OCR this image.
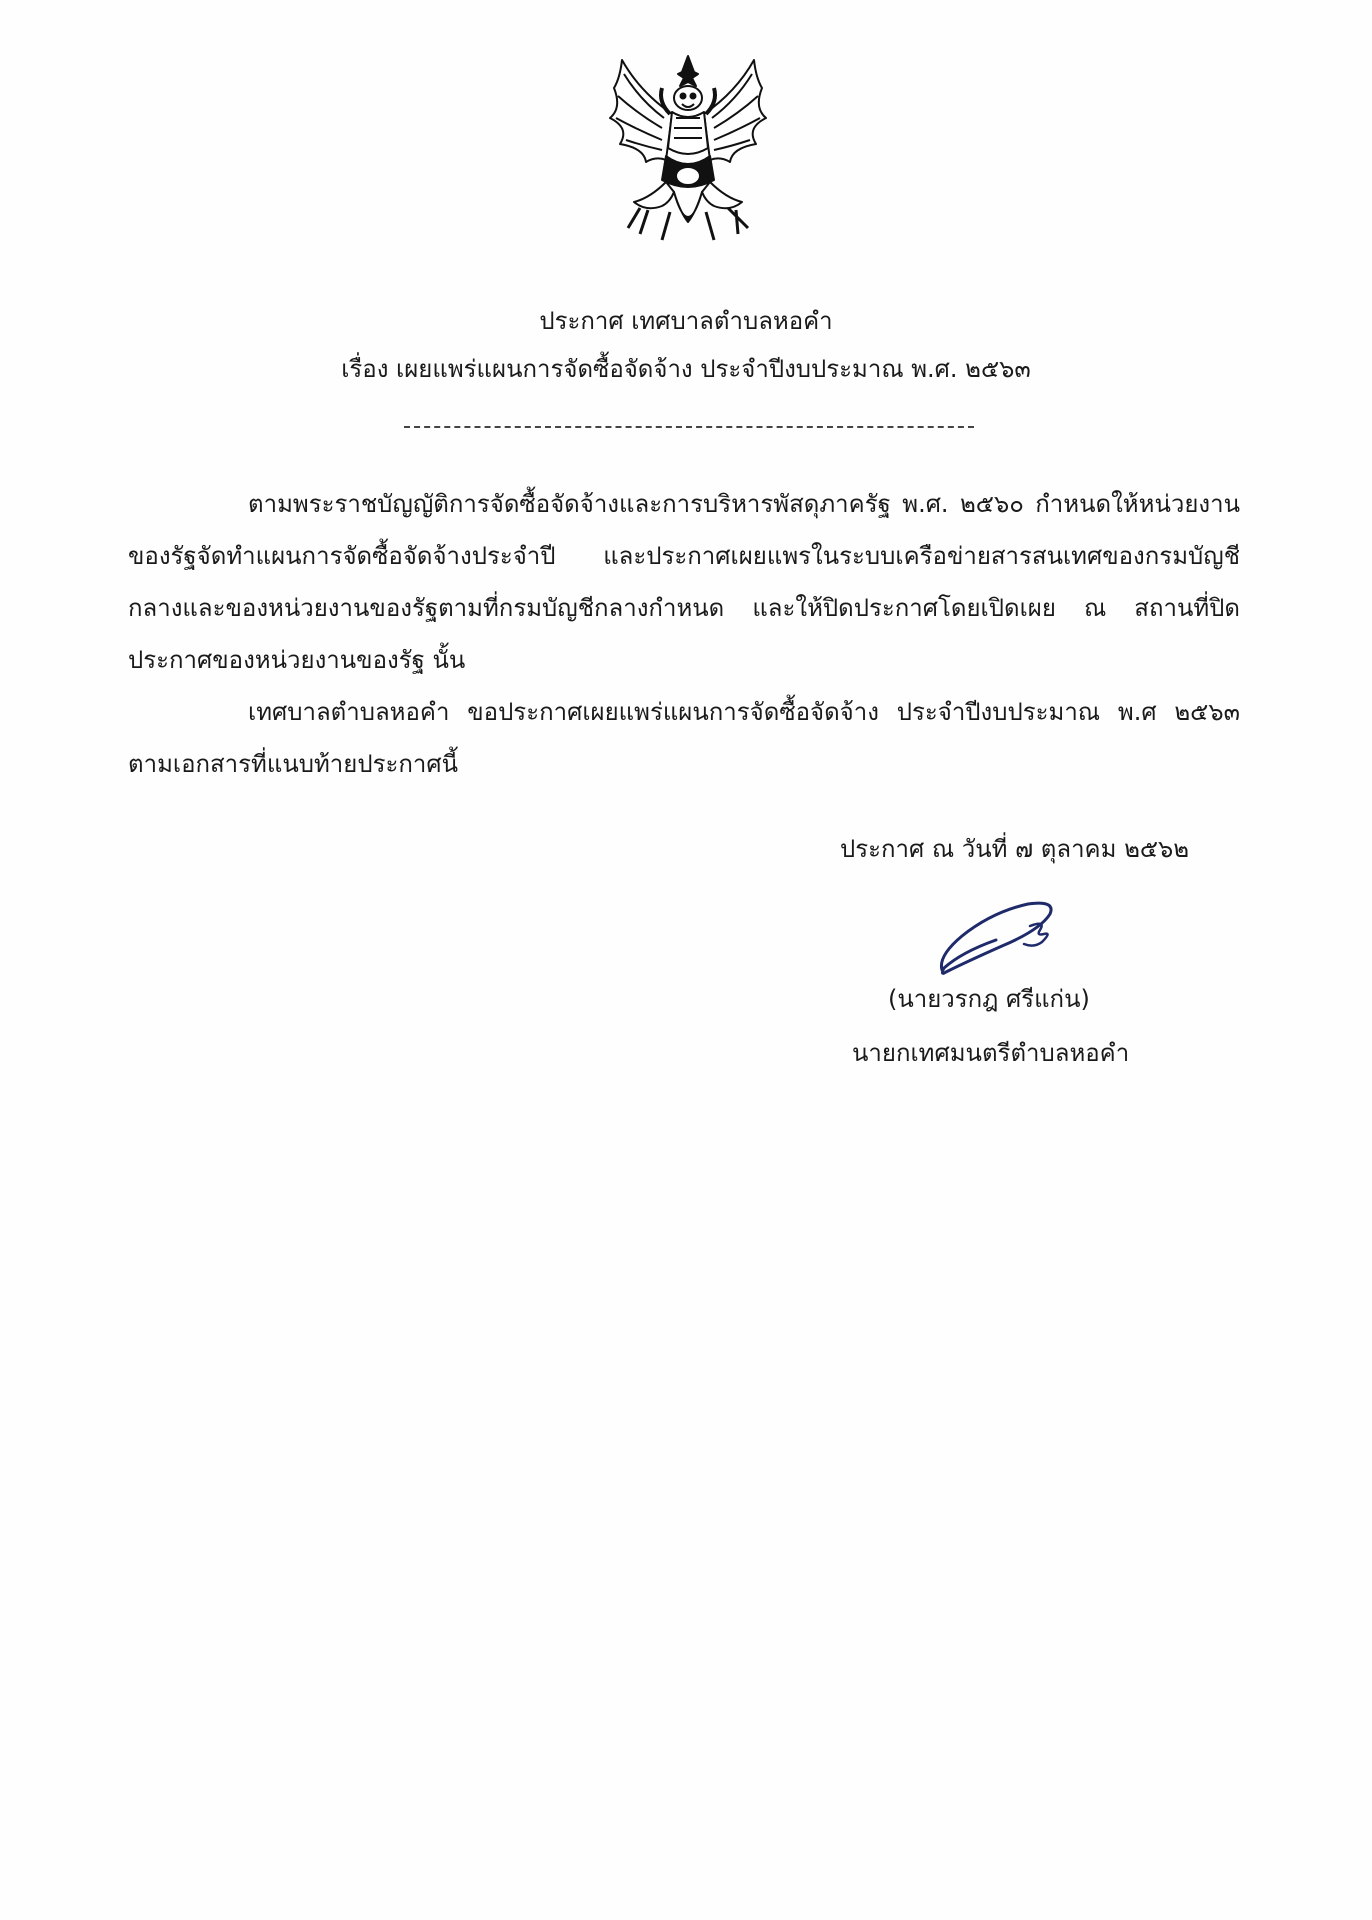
ประกาศ เทศบาลตำบลหอคำ
เรื่อง เผยแพร่แผนการจัดซื้อจัดจ้าง ประจำปีงบประมาณ พ.ศ. ๒๕๖๓
ตามพระราชบัญญัติการจัดซื้อจัดจ้างและการบริหารพัสดุภาครัฐ พ.ศ. ๒๕๖๐ กำหนดให้หน่วยงานของรัฐจัดทำแผนการจัดซื้อจัดจ้างประจำปี และประกาศเผยแพรในระบบเครือข่ายสารสนเทศของกรมบัญชีกลางและของหน่วยงานของรัฐตามที่กรมบัญชีกลางกำหนด และให้ปิดประกาศโดยเปิดเผย ณ สถานที่ปิดประกาศของหน่วยงานของรัฐ นั้น
เทศบาลตำบลหอคำ ขอประกาศเผยแพร่แผนการจัดซื้อจัดจ้าง ประจำปีงบประมาณ พ.ศ ๒๕๖๓ ตามเอกสารที่แนบท้ายประกาศนี้
ประกาศ ณ วันที่ ๗ ตุลาคม ๒๕๖๒
(นายวรกฎ ศรีแก่น)
นายกเทศมนตรีตำบลหอคำ
